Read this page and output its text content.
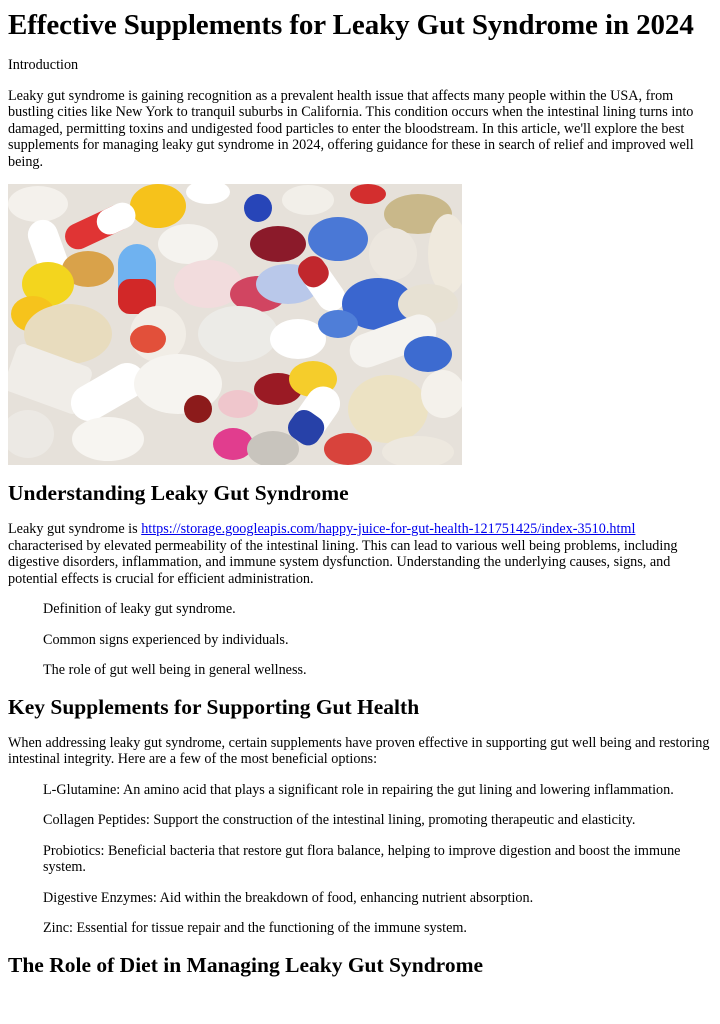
Effective Supplements for Leaky Gut Syndrome in 2024

Introduction

Leaky gut syndrome is gaining recognition as a prevalent health issue that affects many people within the USA, from bustling cities like New York to tranquil suburbs in California. This condition occurs when the intestinal lining turns into damaged, permitting toxins and undigested food particles to enter the bloodstream. In this article, we'll explore the best supplements for managing leaky gut syndrome in 2024, offering guidance for these in search of relief and improved well being.

Understanding Leaky Gut Syndrome

Leaky gut syndrome is https://storage.googleapis.com/happy-juice-for-gut-health-121751425/index-3510.html characterised by elevated permeability of the intestinal lining. This can lead to various well being problems, including digestive disorders, inflammation, and immune system dysfunction. Understanding the underlying causes, signs, and potential effects is crucial for efficient administration.

Definition of leaky gut syndrome.
Common signs experienced by individuals.
The role of gut well being in general wellness.
Key Supplements for Supporting Gut Health

When addressing leaky gut syndrome, certain supplements have proven effective in supporting gut well being and restoring intestinal integrity. Here are a few of the most beneficial options:

L-Glutamine: An amino acid that plays a significant role in repairing the gut lining and lowering inflammation.
Collagen Peptides: Support the construction of the intestinal lining, promoting therapeutic and elasticity.
Probiotics: Beneficial bacteria that restore gut flora balance, helping to improve digestion and boost the immune system.
Digestive Enzymes: Aid within the breakdown of food, enhancing nutrient absorption.
Zinc: Essential for tissue repair and the functioning of the immune system.
The Role of Diet in Managing Leaky Gut Syndrome
